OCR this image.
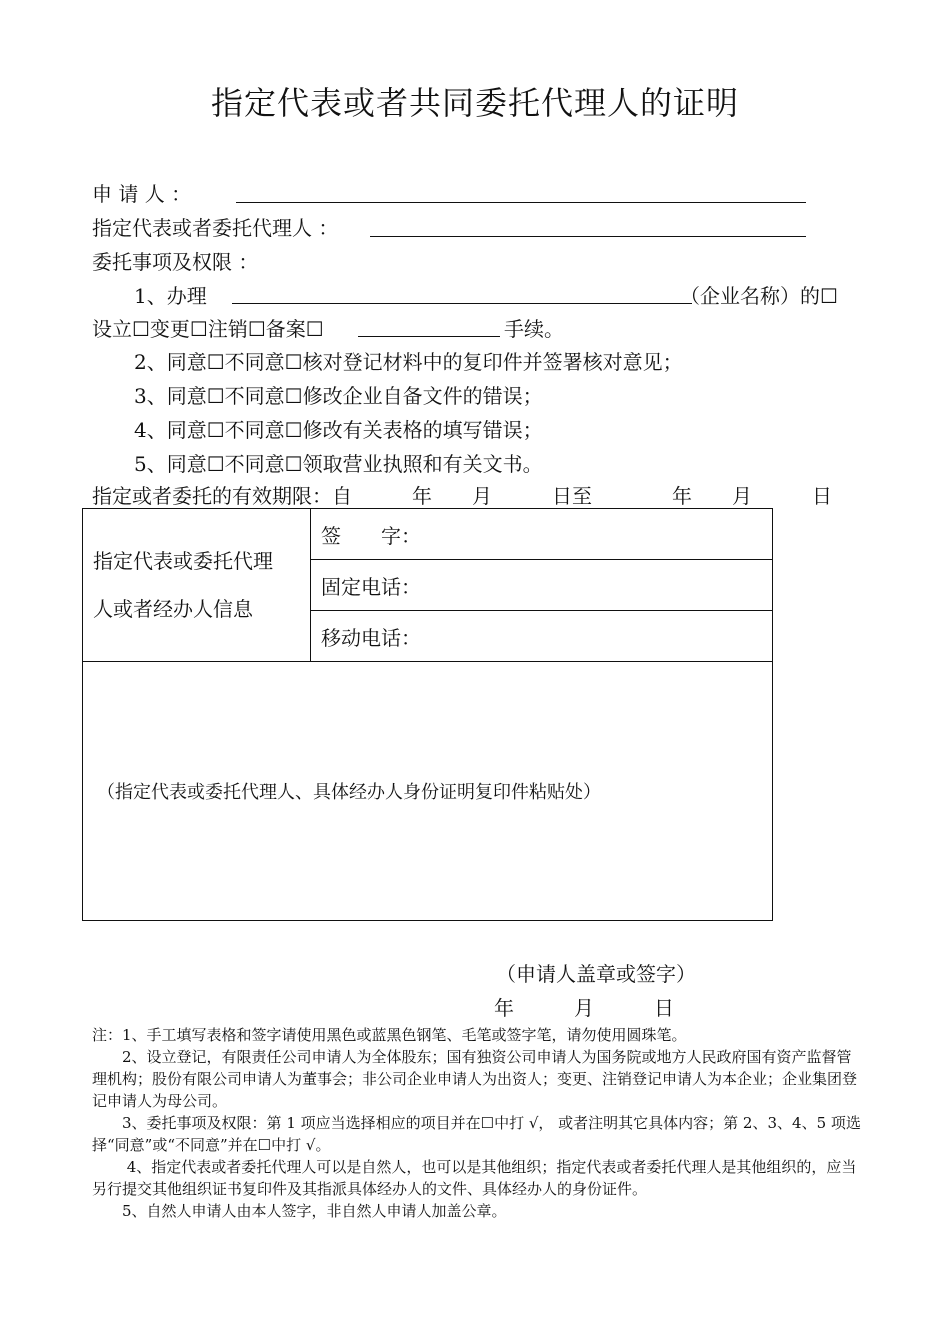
指定代表或者共同委托代理人的证明
申 请 人 ：
指定代表或者委托代理人 ：
委托事项及权限 ：
1、办理	（企业名称）的☐
设立☐变更☐注销☐备案☐	手续。
2、同意☐不同意☐核对登记材料中的复印件并签署核对意见；
3、同意☐不同意☐修改企业自备文件的错误；
4、同意☐不同意☐修改有关表格的填写错误；
5、同意☐不同意☐领取营业执照和有关文书。
指定或者委托的有效期限：自　　　年　　月　　　日至　　　　年　　月　　　日
指定代表或委托代理
人或者经办人信息
	签　　字：
固定电话：
移动电话：
（指定代表或委托代理人、具体经办人身份证明复印件粘贴处）
（申请人盖章或签字）
年　　　月　　　日
注：1、手工填写表格和签字请使用黑色或蓝黑色钢笔、毛笔或签字笔，请勿使用圆珠笔。
　　2、设立登记，有限责任公司申请人为全体股东；国有独资公司申请人为国务院或地方人民政府国有资产监督管理机构；股份有限公司申请人为董事会；非公司企业申请人为出资人；变更、注销登记申请人为本企业；企业集团登记申请人为母公司。
　　3、委托事项及权限：第 1 项应当选择相应的项目并在☐中打 √， 或者注明其它具体内容；第 2、3、4、5 项选择“同意”或“不同意”并在☐中打 √。
　　 4、指定代表或者委托代理人可以是自然人，也可以是其他组织；指定代表或者委托代理人是其他组织的，应当另行提交其他组织证书复印件及其指派具体经办人的文件、具体经办人的身份证件。
　　5、自然人申请人由本人签字，非自然人申请人加盖公章。
